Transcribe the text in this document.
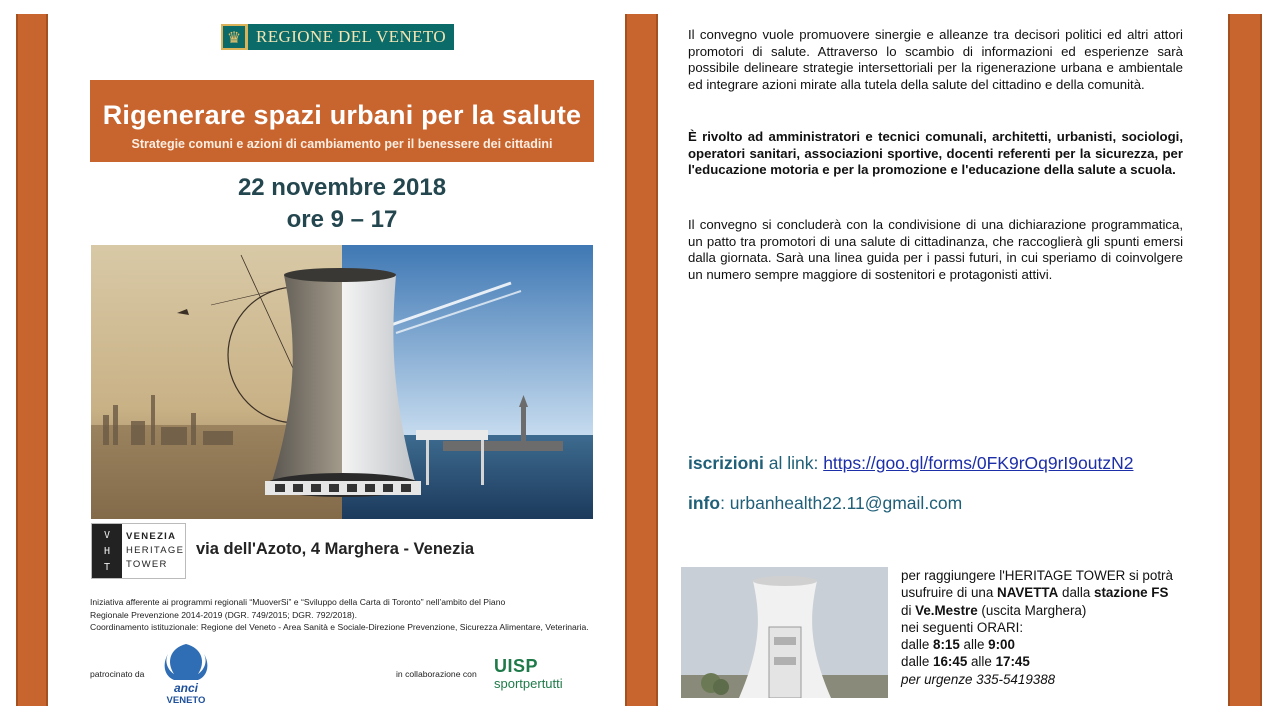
♛ REGIONE DEL VENETO
Rigenerare spazi urbani per la salute
Strategie comuni e azioni di cambiamento per il benessere dei cittadini
22 novembre 2018
ore 9 – 17
V
H
T
VENEZIA
HERITAGE
TOWER
via dell'Azoto, 4 Marghera - Venezia
Iniziativa afferente ai programmi regionali “MuoverSi” e “Sviluppo della Carta di Toronto” nell’ambito del Piano
Regionale Prevenzione 2014-2019 (DGR. 749/2015; DGR. 792/2018).
Coordinamento istituzionale: Regione del Veneto - Area Sanità e Sociale-Direzione Prevenzione, Sicurezza Alimentare, Veterinaria.
patrocinato da
anci
VENETO
in collaborazione con UISP
sportpertutti
Il convegno vuole promuovere sinergie e alleanze tra decisori politici ed altri attori promotori di salute. Attraverso lo scambio di informazioni ed esperienze sarà possibile delineare strategie intersettoriali per la rigenerazione urbana e ambientale ed integrare azioni mirate alla tutela della salute del cittadino e della comunità.
È rivolto ad amministratori e tecnici comunali, architetti, urbanisti, sociologi, operatori sanitari, associazioni sportive, docenti referenti per la sicurezza, per l'educazione motoria e per la promozione e l'educazione della salute a scuola.
Il convegno si concluderà con la condivisione di una dichiarazione programmatica, un patto tra promotori di una salute di cittadinanza, che raccoglierà gli spunti emersi dalla giornata. Sarà una linea guida per i passi futuri, in cui speriamo di coinvolgere un numero sempre maggiore di sostenitori e protagonisti attivi.
iscrizioni al link: https://goo.gl/forms/0FK9rOq9rI9outzN2
info: urbanhealth22.11@gmail.com
per raggiungere l'HERITAGE TOWER si potrà
usufruire di una NAVETTA dalla stazione FS
di Ve.Mestre (uscita Marghera)
nei seguenti ORARI:
dalle 8:15 alle 9:00
dalle 16:45 alle 17:45
per urgenze 335-5419388
